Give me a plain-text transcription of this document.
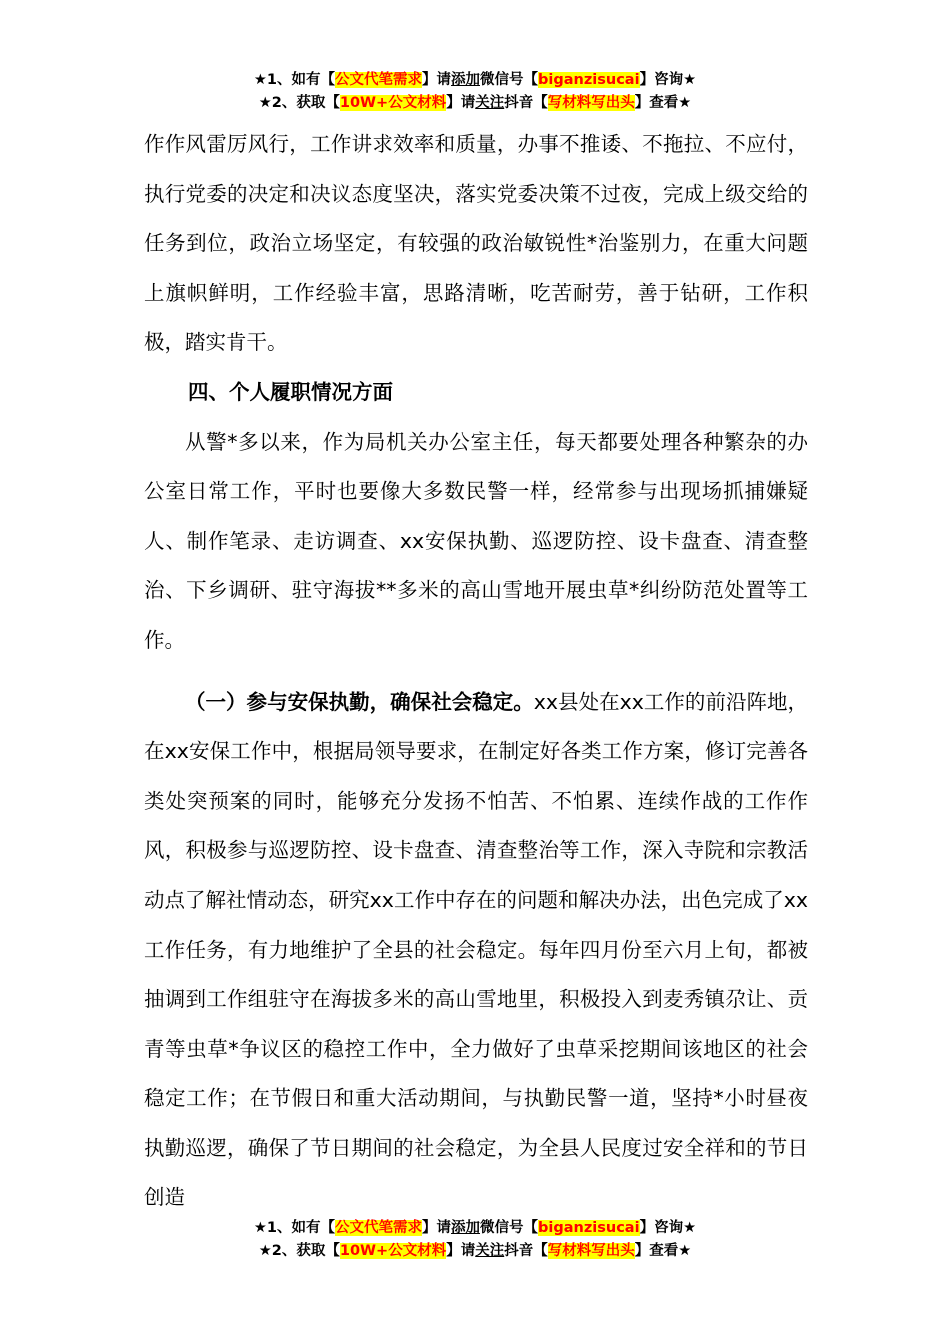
★1、如有【公文代笔需求】请添加微信号【biganzisucai】咨询★
★2、获取【10W+公文材料】请关注抖音【写材料写出头】查看★

作作风雷厉风行，工作讲求效率和质量，办事不推诿、不拖拉、不应付，执行党委的决定和决议态度坚决，落实党委决策不过夜，完成上级交给的任务到位，政治立场坚定，有较强的政治敏锐性*治鉴别力，在重大问题上旗帜鲜明，工作经验丰富，思路清晰，吃苦耐劳，善于钻研，工作积极，踏实肯干。

四、个人履职情况方面

从警*多以来，作为局机关办公室主任，每天都要处理各种繁杂的办公室日常工作，平时也要像大多数民警一样，经常参与出现场抓捕嫌疑人、制作笔录、走访调查、xx安保执勤、巡逻防控、设卡盘查、清查整治、下乡调研、驻守海拔**多米的高山雪地开展虫草*纠纷防范处置等工作。

（一）参与安保执勤，确保社会稳定。xx县处在xx工作的前沿阵地，在xx安保工作中，根据局领导要求，在制定好各类工作方案，修订完善各类处突预案的同时，能够充分发扬不怕苦、不怕累、连续作战的工作作风，积极参与巡逻防控、设卡盘查、清查整治等工作，深入寺院和宗教活动点了解社情动态，研究xx工作中存在的问题和解决办法，出色完成了xx工作任务，有力地维护了全县的社会稳定。每年四月份至六月上旬，都被抽调到工作组驻守在海拔多米的高山雪地里，积极投入到麦秀镇尕让、贡青等虫草*争议区的稳控工作中，全力做好了虫草采挖期间该地区的社会稳定工作；在节假日和重大活动期间，与执勤民警一道，坚持*小时昼夜执勤巡逻，确保了节日期间的社会稳定，为全县人民度过安全祥和的节日创造

★1、如有【公文代笔需求】请添加微信号【biganzisucai】咨询★
★2、获取【10W+公文材料】请关注抖音【写材料写出头】查看★
